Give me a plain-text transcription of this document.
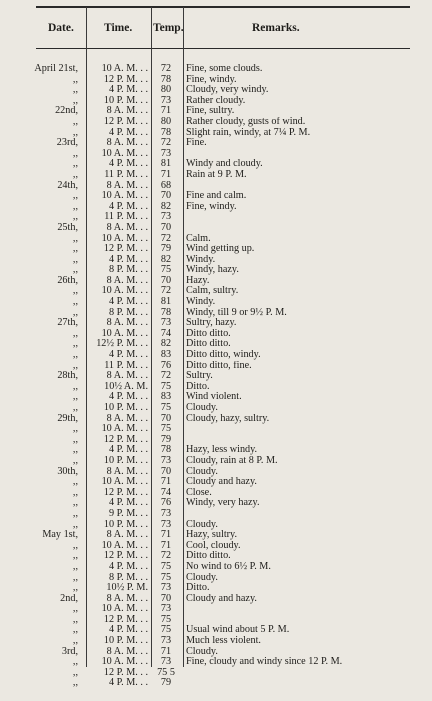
Date.	Time. Temp.	Remarks.
April 21st,	10 A. M. . .	72	Fine, some clouds.
,,	12 P. M. . .	78	Fine, windy.
,,	4 P. M. . .	80	Cloudy, very windy.
,,	10 P. M. . .	73	Rather cloudy.
22nd,	8 A. M. . .	71	Fine, sultry.
,,	12 P. M. . .	80	Rather cloudy, gusts of wind.
,,	4 P. M. . .	78	Slight rain, windy, at 7¼ P. M.
23rd,	8 A. M. . .	72	Fine.
,,	10 A. M. . .	73
,,	4 P. M. . .	81	Windy and cloudy.
,,	11 P. M. . .	71	Rain at 9 P. M.
24th,	8 A. M. . .	68
,,	10 A. M. . .	70	Fine and calm.
,,	4 P. M. . .	82	Fine, windy.
,,	11 P. M. . .	73
25th,	8 A. M. . .	70
,,	10 A. M. . .	72	Calm.
,,	12 P. M. . .	79	Wind getting up.
,,	4 P. M. . .	82	Windy.
,,	8 P. M. . .	75	Windy, hazy.
26th,	8 A. M. . .	70	Hazy.
,,	10 A. M. . .	72	Calm, sultry.
,,	4 P. M. . .	81	Windy.
,,	8 P. M. . .	78	Windy, till 9 or 9½ P. M.
27th,	8 A. M. . .	73	Sultry, hazy.
,,	10 A. M. . .	74	Ditto ditto.
,,	12½ P. M. . .	82	Ditto ditto.
,,	4 P. M. . .	83	Ditto ditto, windy.
,,	11 P. M. . .	76	Ditto ditto, fine.
28th,	8 A. M. . .	72	Sultry.
,,	10½ A. M.	75	Ditto.
,,	4 P. M. . .	83	Wind violent.
,,	10 P. M. . .	75	Cloudy.
29th,	8 A. M. . .	70	Cloudy, hazy, sultry.
,,	10 A. M. . .	75
,,	12 P. M. . .	79
,,	4 P. M. . .	78	Hazy, less windy.
,,	10 P. M. . .	73	Cloudy, rain at 8 P. M.
30th,	8 A. M. . .	70	Cloudy.
,,	10 A. M. . .	71	Cloudy and hazy.
,,	12 P. M. . .	74	Close.
,,	4 P. M. . .	76	Windy, very hazy.
,,	9 P. M. . .	73
,,	10 P. M. . .	73	Cloudy.
May 1st,	8 A. M. . .	71	Hazy, sultry.
,,	10 A. M. . .	71	Cool, cloudy.
,,	12 P. M. . .	72	Ditto ditto.
,,	4 P. M. . .	75	No wind to 6½ P. M.
,,	8 P. M. . .	75	Cloudy.
,,	10½ P. M.	73	Ditto.
2nd,	8 A. M. . .	70	Cloudy and hazy.
,,	10 A. M. . .	73
,,	12 P. M. . .	75
,,	4 P. M. . .	75	Usual wind about 5 P. M.
,,	10 P. M. . .	73	Much less violent.
3rd,	8 A. M. . .	71	Cloudy.
,,	10 A. M. . .	73	Fine, cloudy and windy since 12 P. M.
,,	12 P. M. . . 75 5
,,	4 P. M. . .	79
